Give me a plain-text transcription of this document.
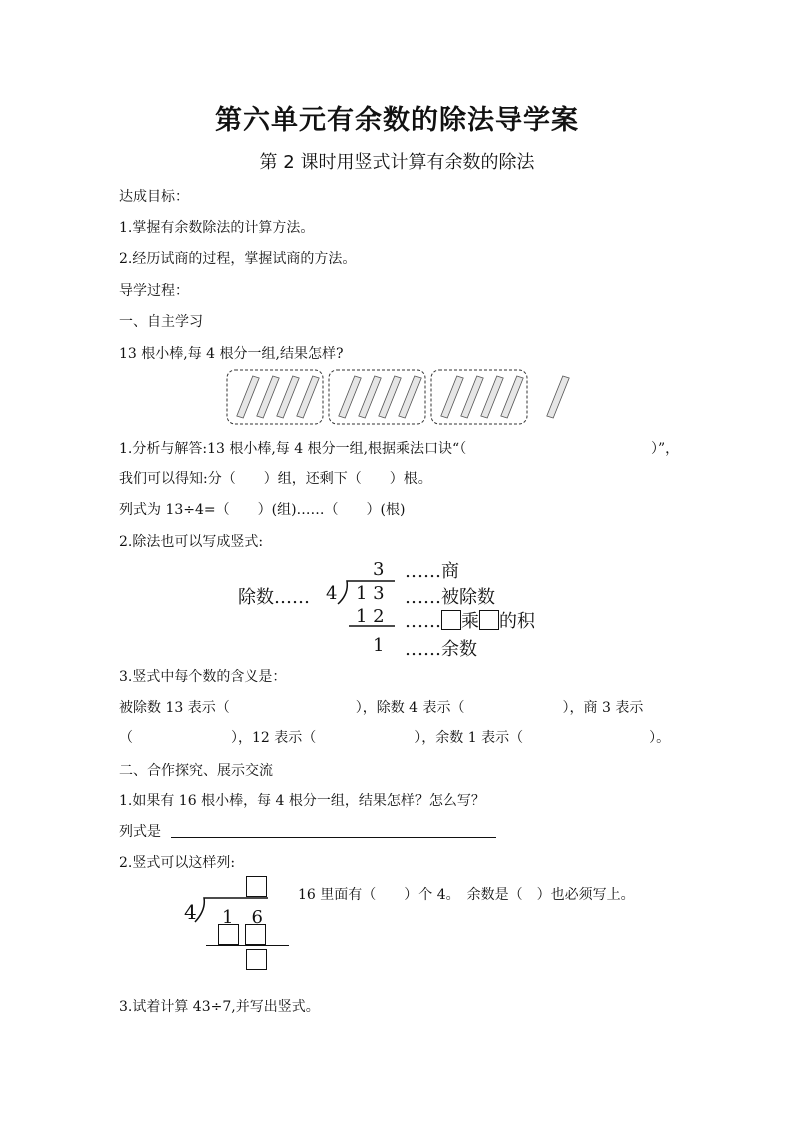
第六单元有余数的除法导学案
第 2 课时用竖式计算有余数的除法
达成目标：
1.掌握有余数除法的计算方法。
2.经历试商的过程，掌握试商的方法。
导学过程：
一、自主学习
13 根小棒,每 4 根分一组,结果怎样?
1.分析与解答:13 根小棒,每 4 根分一组,根据乘法口诀“（	）”，
我们可以得知:分（　　）组，还剩下（　　）根。
列式为 13÷4=（　　）(组)……（　　）(根)
2.除法也可以写成竖式:
除数…… 4
3
1 3
1 2
1
……商
……被除数
…… 乘 的积
……余数
3.竖式中每个数的含义是：
被除数 13 表示（　　　　　　　　　），除数 4 表示（　　　　　　　），商 3 表示
（　　　　　　　），12 表示（　　　　　　　），余数 1 表示（　　　　　　　　　）。
二、合作探究、展示交流
1.如果有 16 根小棒，每 4 根分一组，结果怎样？怎么写？
列式是
2.竖式可以这样列:
4 1　6
16 里面有（　　）个 4。　余数是（　）也必须写上。
3.试着计算 43÷7,并写出竖式。
